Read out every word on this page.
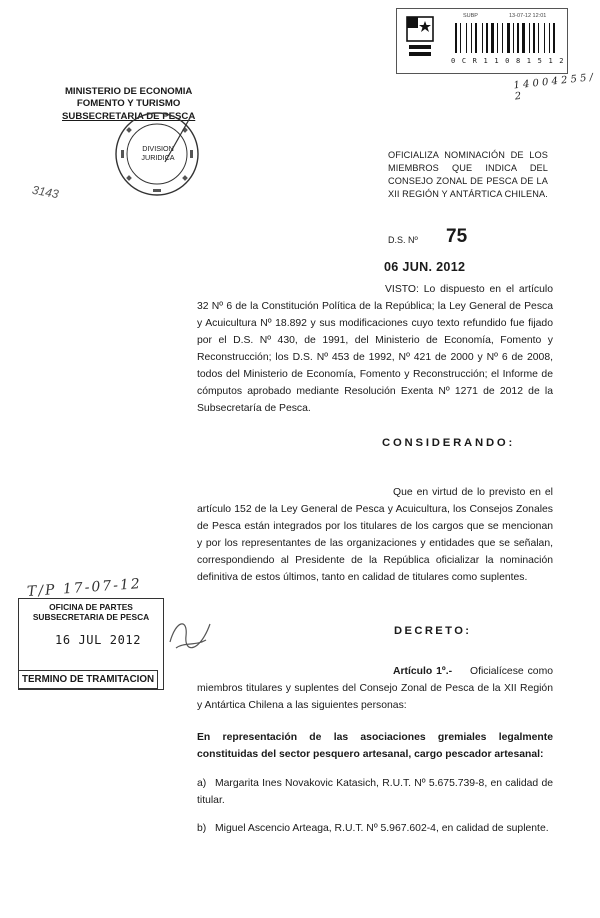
SUBP	13-07-12 12:01
0 C R 1 1 0 8 1 5 1 2
1 4 0 0 4 2 5 5 / 2
MINISTERIO DE ECONOMIA
FOMENTO Y TURISMO
SUBSECRETARIA DE PESCA
DIVISION
JURIDICA
3143
OFICIALIZA NOMINACIÓN DE LOS MIEMBROS QUE INDICA DEL CONSEJO ZONAL DE PESCA DE LA XII REGIÓN Y ANTÁRTICA CHILENA.
D.S. Nº 75
06 JUN. 2012
VISTO: Lo dispuesto en el artículo 32 Nº 6 de la Constitución Política de la República; la Ley General de Pesca y Acuicultura Nº 18.892 y sus modificaciones cuyo texto refundido fue fijado por el D.S. Nº 430, de 1991, del Ministerio de Economía, Fomento y Reconstrucción; los D.S. Nº 453 de 1992, Nº 421 de 2000 y Nº 6 de 2008, todos del Ministerio de Economía, Fomento y Reconstrucción; el Informe de cómputos aprobado mediante Resolución Exenta Nº 1271 de 2012 de la Subsecretaría de Pesca.
CONSIDERANDO:
Que en virtud de lo previsto en el artículo 152 de la Ley General de Pesca y Acuicultura, los Consejos Zonales de Pesca están integrados por los titulares de los cargos que se mencionan y por los representantes de las organizaciones y entidades que se señalan, correspondiendo al Presidente de la República oficializar la nominación definitiva de estos últimos, tanto en calidad de titulares como suplentes.
DECRETO:
Artículo 1º.- Oficialícese como miembros titulares y suplentes del Consejo Zonal de Pesca de la XII Región y Antártica Chilena a las siguientes personas:
En representación de las asociaciones gremiales legalmente constituidas del sector pesquero artesanal, cargo pescador artesanal:
a) Margarita Ines Novakovic Katasich, R.U.T. Nº 5.675.739-8, en calidad de titular.
b) Miguel Ascencio Arteaga, R.U.T. Nº 5.967.602-4, en calidad de suplente.
T/P 17-07-12
OFICINA DE PARTES
SUBSECRETARIA DE PESCA
16 JUL 2012
TERMINO DE TRAMITACION
